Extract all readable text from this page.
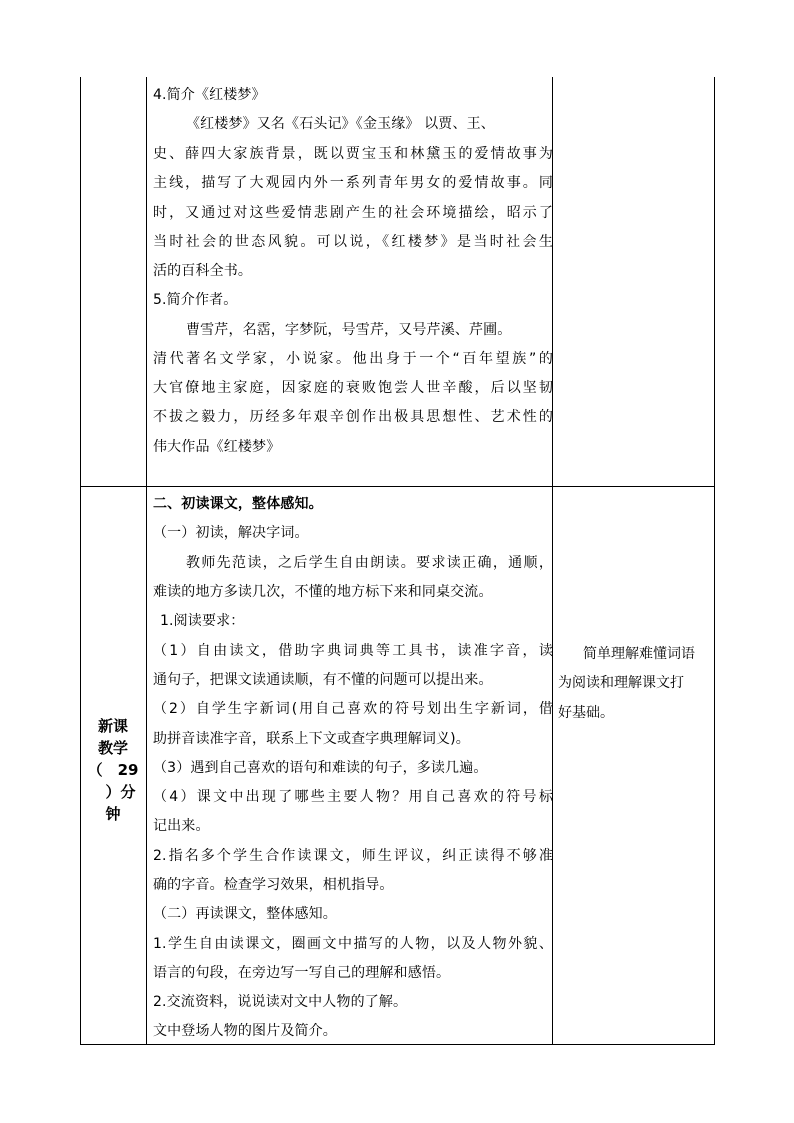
4.简介《红楼梦》
《红楼梦》又名《石头记》《金玉缘》 以贾、王、
史、薛四大家族背景，既以贾宝玉和林黛玉的爱情故事为
主线，描写了大观园内外一系列青年男女的爱情故事。同
时，又通过对这些爱情悲剧产生的社会环境描绘，昭示了
当时社会的世态风貌。可以说，《红楼梦》是当时社会生
活的百科全书。
5.简介作者。
曹雪芹，名霑，字梦阮，号雪芹，又号芹溪、芹圃。
清代著名文学家，小说家。他出身于一个“百年望族”的
大官僚地主家庭，因家庭的衰败饱尝人世辛酸，后以坚韧
不拔之毅力，历经多年艰辛创作出极具思想性、艺术性的
伟大作品《红楼梦》
新课
教学
（　29
　）分
钟
二、初读课文，整体感知。
（一）初读，解决字词。
教师先范读，之后学生自由朗读。要求读正确，通顺，
难读的地方多读几次，不懂的地方标下来和同桌交流。
1.阅读要求：
（1）自由读文，借助字典词典等工具书，读准字音，读
通句子，把课文读通读顺，有不懂的问题可以提出来。
（2）自学生字新词(用自己喜欢的符号划出生字新词，借
助拼音读准字音，联系上下文或查字典理解词义)。
（3）遇到自己喜欢的语句和难读的句子，多读几遍。
（4）课文中出现了哪些主要人物？用自己喜欢的符号标
记出来。
2.指名多个学生合作读课文，师生评议，纠正读得不够准
确的字音。检查学习效果，相机指导。
（二）再读课文，整体感知。
1.学生自由读课文，圈画文中描写的人物，以及人物外貌、
语言的句段，在旁边写一写自己的理解和感悟。
2.交流资料，说说读对文中人物的了解。
文中登场人物的图片及简介。
简单理解难懂词语
为阅读和理解课文打
好基础。
